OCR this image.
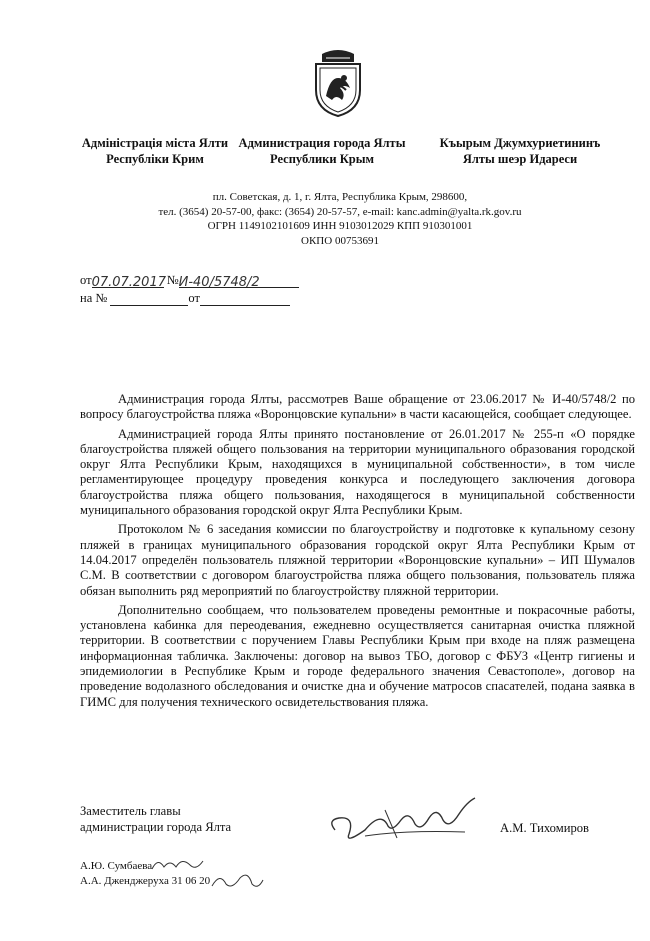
Адміністрація міста Ялти
Республіки Крим
Администрация города Ялты
Республики Крым
Къырым Джумхуриетининъ
Ялты шеэр Идареси
пл. Советская, д. 1, г. Ялта, Республика Крым, 298600,
тел. (3654) 20-57-00, факс: (3654) 20-57-57, e-mail: kanc.admin@yalta.rk.gov.ru
ОГРН 1149102101609 ИНН 9103012029 КПП 910301001
ОКПО 00753691
от07.07.2017 №И-40/5748/2
на №	от

Администрация города Ялты, рассмотрев Ваше обращение от 23.06.2017 № И-40/5748/2 по вопросу благоустройства пляжа «Воронцовские купальни» в части касающейся, сообщает следующее.

Администрацией города Ялты принято постановление от 26.01.2017 № 255-п «О порядке благоустройства пляжей общего пользования на территории муниципального образования городской округ Ялта Республики Крым, находящихся в муниципальной собственности», в том числе регламентирующее процедуру проведения конкурса и последующего заключения договора благоустройства пляжа общего пользования, находящегося в муниципальной собственности муниципального образования городской округ Ялта Республики Крым.

Протоколом № 6 заседания комиссии по благоустройству и подготовке к купальному сезону пляжей в границах муниципального образования городской округ Ялта Республики Крым от 14.04.2017 определён пользователь пляжной территории «Воронцовские купальни» – ИП Шумалов С.М. В соответствии с договором благоустройства пляжа общего пользования, пользователь пляжа обязан выполнить ряд мероприятий по благоустройству пляжной территории.

Дополнительно сообщаем, что пользователем проведены ремонтные и покрасочные работы, установлена кабинка для переодевания, ежедневно осуществляется санитарная очистка пляжной территории. В соответствии с поручением Главы Республики Крым при входе на пляж размещена информационная табличка. Заключены: договор на вывоз ТБО, договор с ФБУЗ «Центр гигиены и эпидемиологии в Республике Крым и городе федерального значения Севастополе», договор на проведение водолазного обследования и очистке дна и обучение матросов спасателей, подана заявка в ГИМС для получения технического освидетельствования пляжа.

Заместитель главы
администрации города Ялта	А.М. Тихомиров
А.Ю. Сумбаева
А.А. Дженджеруха 31 06 20
